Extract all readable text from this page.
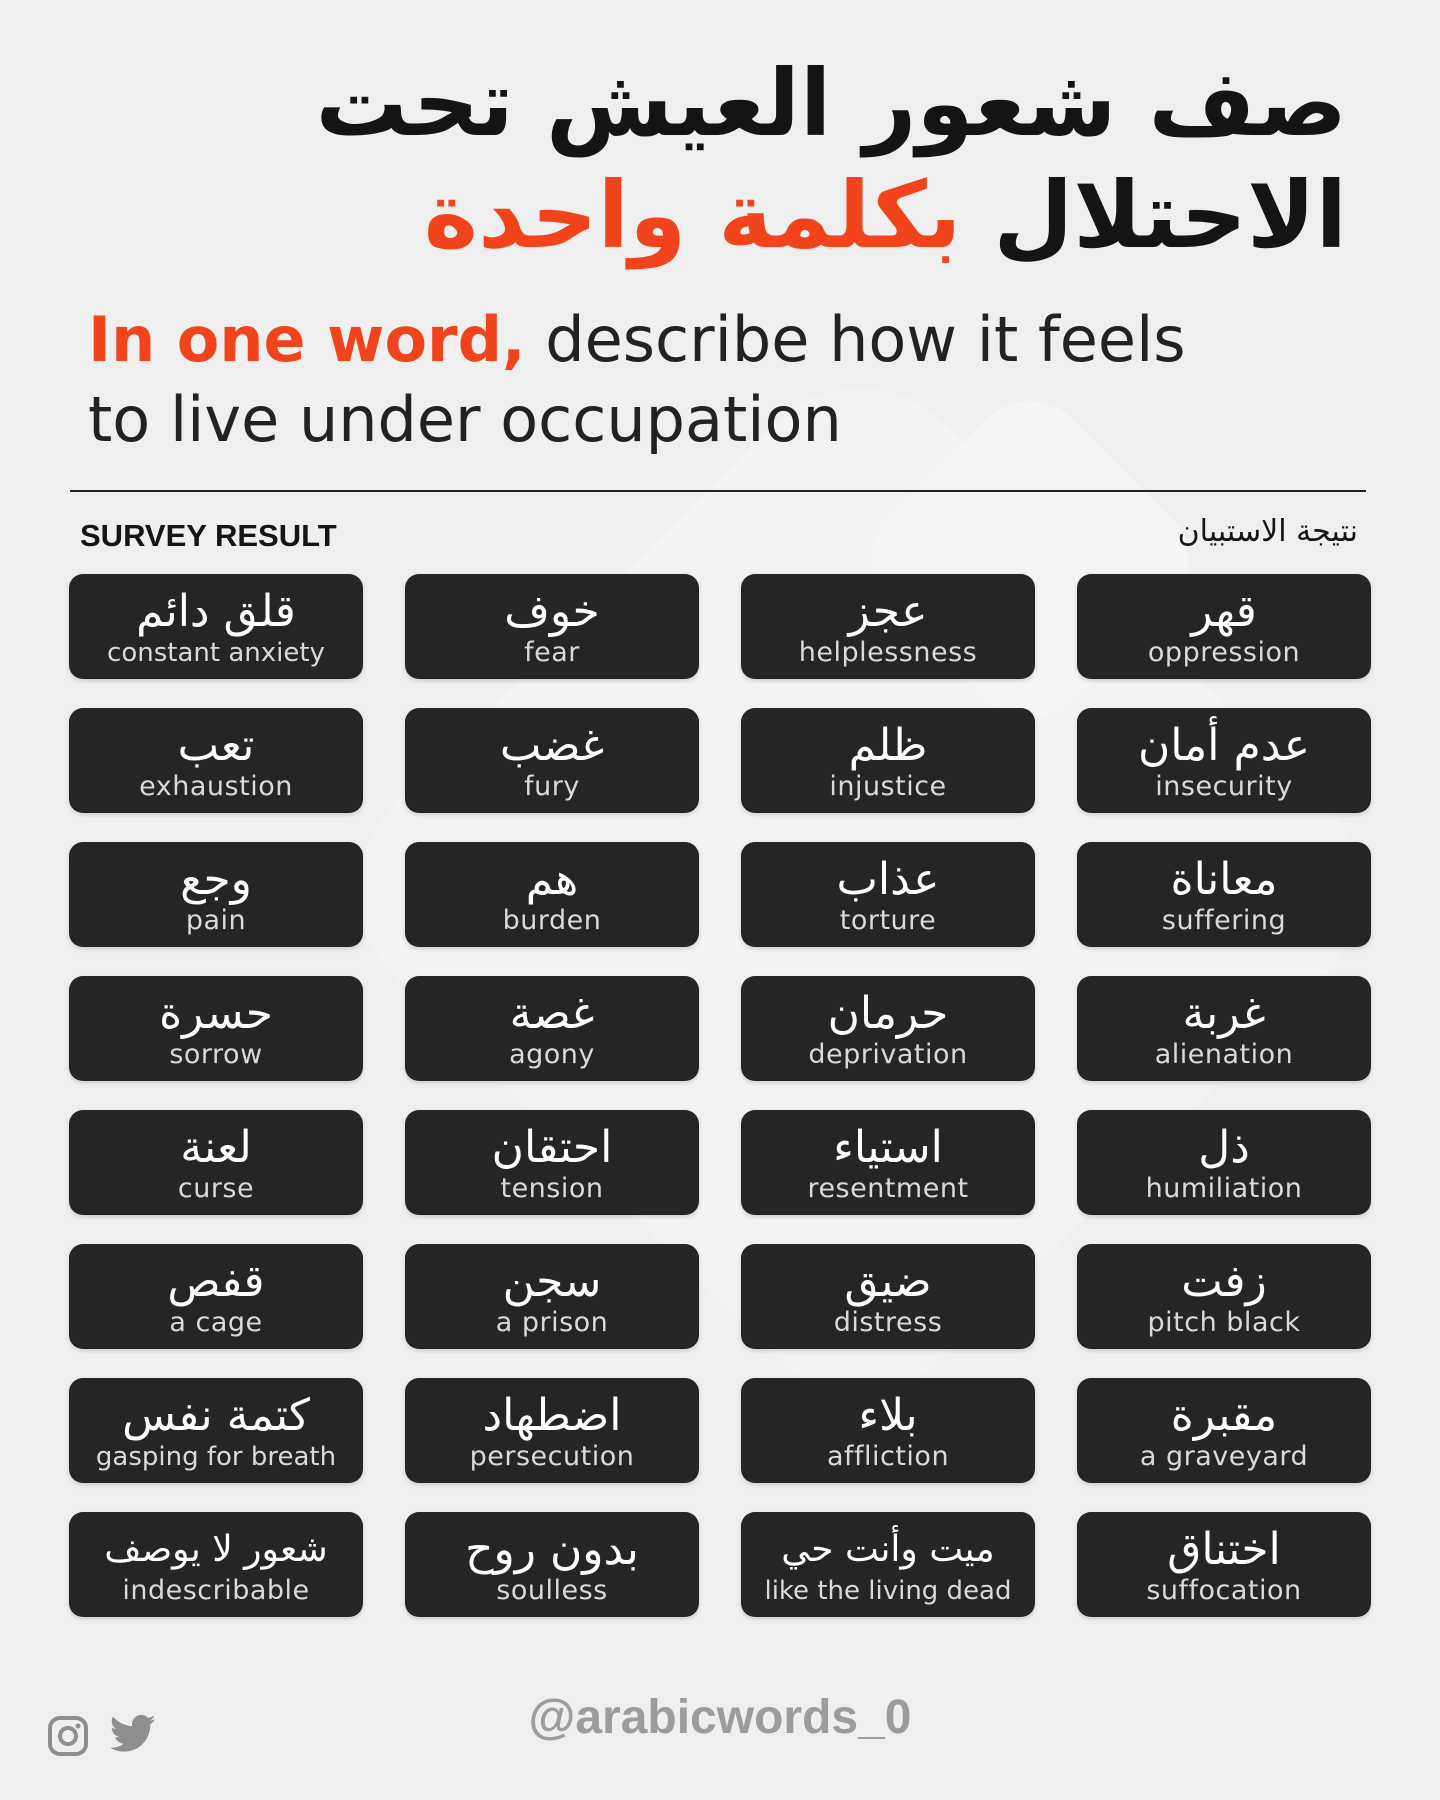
صف شعور العيش تحت
الاحتلال بكلمة واحدة
In one word, describe how it feels to live under occupation
SURVEY RESULT	نتيجة الاستبيان
قلق دائم
constant anxiety
خوف
fear
عجز
helplessness
قهر
oppression
تعب
exhaustion
غضب
fury
ظلم
injustice
عدم أمان
insecurity
وجع
pain
هم
burden
عذاب
torture
معاناة
suffering
حسرة
sorrow
غصة
agony
حرمان
deprivation
غربة
alienation
لعنة
curse
احتقان
tension
استياء
resentment
ذل
humiliation
قفص
a cage
سجن
a prison
ضيق
distress
زفت
pitch black
كتمة نفس
gasping for breath
اضطهاد
persecution
بلاء
affliction
مقبرة
a graveyard
شعور لا يوصف
indescribable
بدون روح
soulless
ميت وأنت حي
like the living dead
اختناق
suffocation
@arabicwords_0
